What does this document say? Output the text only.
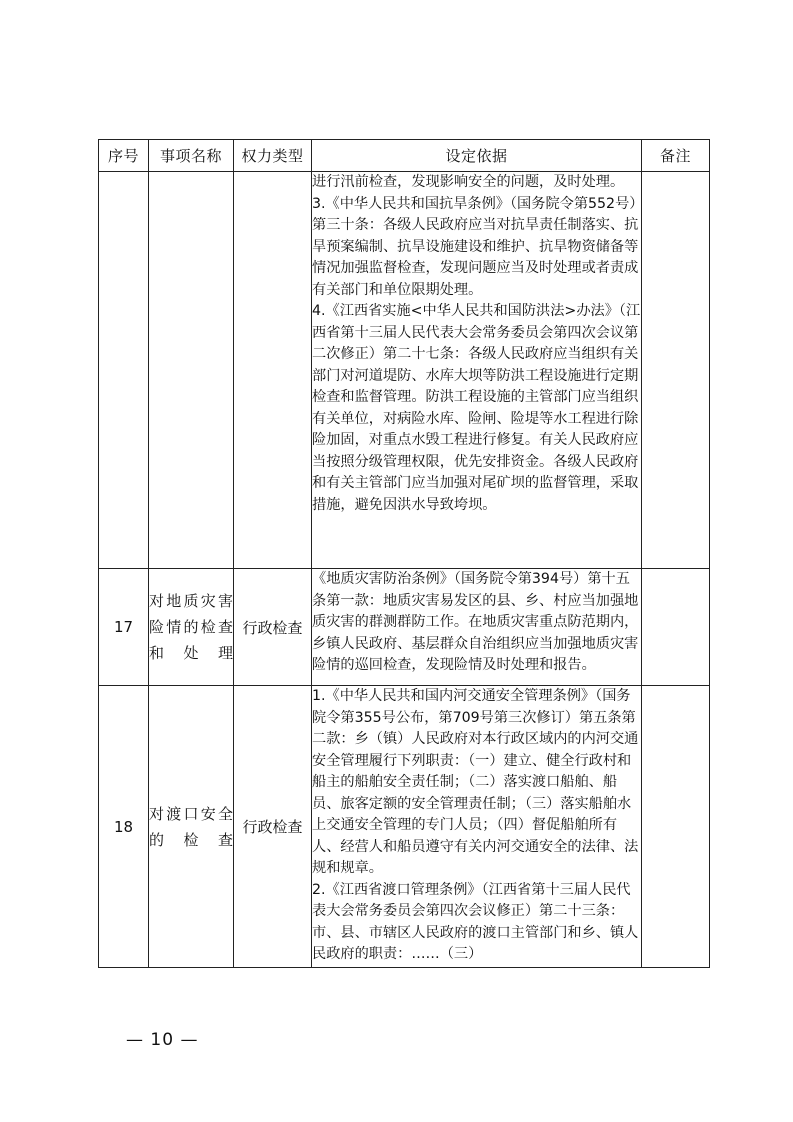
序号	事项名称	权力类型	设定依据	备注

			进行汛前检查，发现影响安全的问题，及时处理。

3.《中华人民共和国抗旱条例》（国务院令第552号）第三十条：各级人民政府应当对抗旱责任制落实、抗旱预案编制、抗旱设施建设和维护、抗旱物资储备等情况加强监督检查，发现问题应当及时处理或者责成有关部门和单位限期处理。

4.《江西省实施<中华人民共和国防洪法>办法》（江西省第十三届人民代表大会常务委员会第四次会议第二次修正）第二十七条：各级人民政府应当组织有关部门对河道堤防、水库大坝等防洪工程设施进行定期检查和监督管理。防洪工程设施的主管部门应当组织有关单位，对病险水库、险闸、险堤等水工程进行除险加固，对重点水毁工程进行修复。有关人民政府应当按照分级管理权限，优先安排资金。各级人民政府和有关主管部门应当加强对尾矿坝的监督管理，采取措施，避免因洪水导致垮坝。	

17	对地质灾害险情的检查和处理	行政检查	《地质灾害防治条例》（国务院令第394号）第十五条第一款：地质灾害易发区的县、乡、村应当加强地质灾害的群测群防工作。在地质灾害重点防范期内，乡镇人民政府、基层群众自治组织应当加强地质灾害险情的巡回检查，发现险情及时处理和报告。	

18	对渡口安全的检查	行政检查	1.《中华人民共和国内河交通安全管理条例》（国务院令第355号公布，第709号第三次修订）第五条第二款：乡（镇）人民政府对本行政区域内的内河交通安全管理履行下列职责：（一）建立、健全行政村和船主的船舶安全责任制；（二）落实渡口船舶、船员、旅客定额的安全管理责任制；（三）落实船舶水上交通安全管理的专门人员；（四）督促船舶所有人、经营人和船员遵守有关内河交通安全的法律、法规和规章。

2.《江西省渡口管理条例》（江西省第十三届人民代表大会常务委员会第四次会议修正）第二十三条：市、县、市辖区人民政府的渡口主管部门和乡、镇人民政府的职责：……（三）	

— 10 —
